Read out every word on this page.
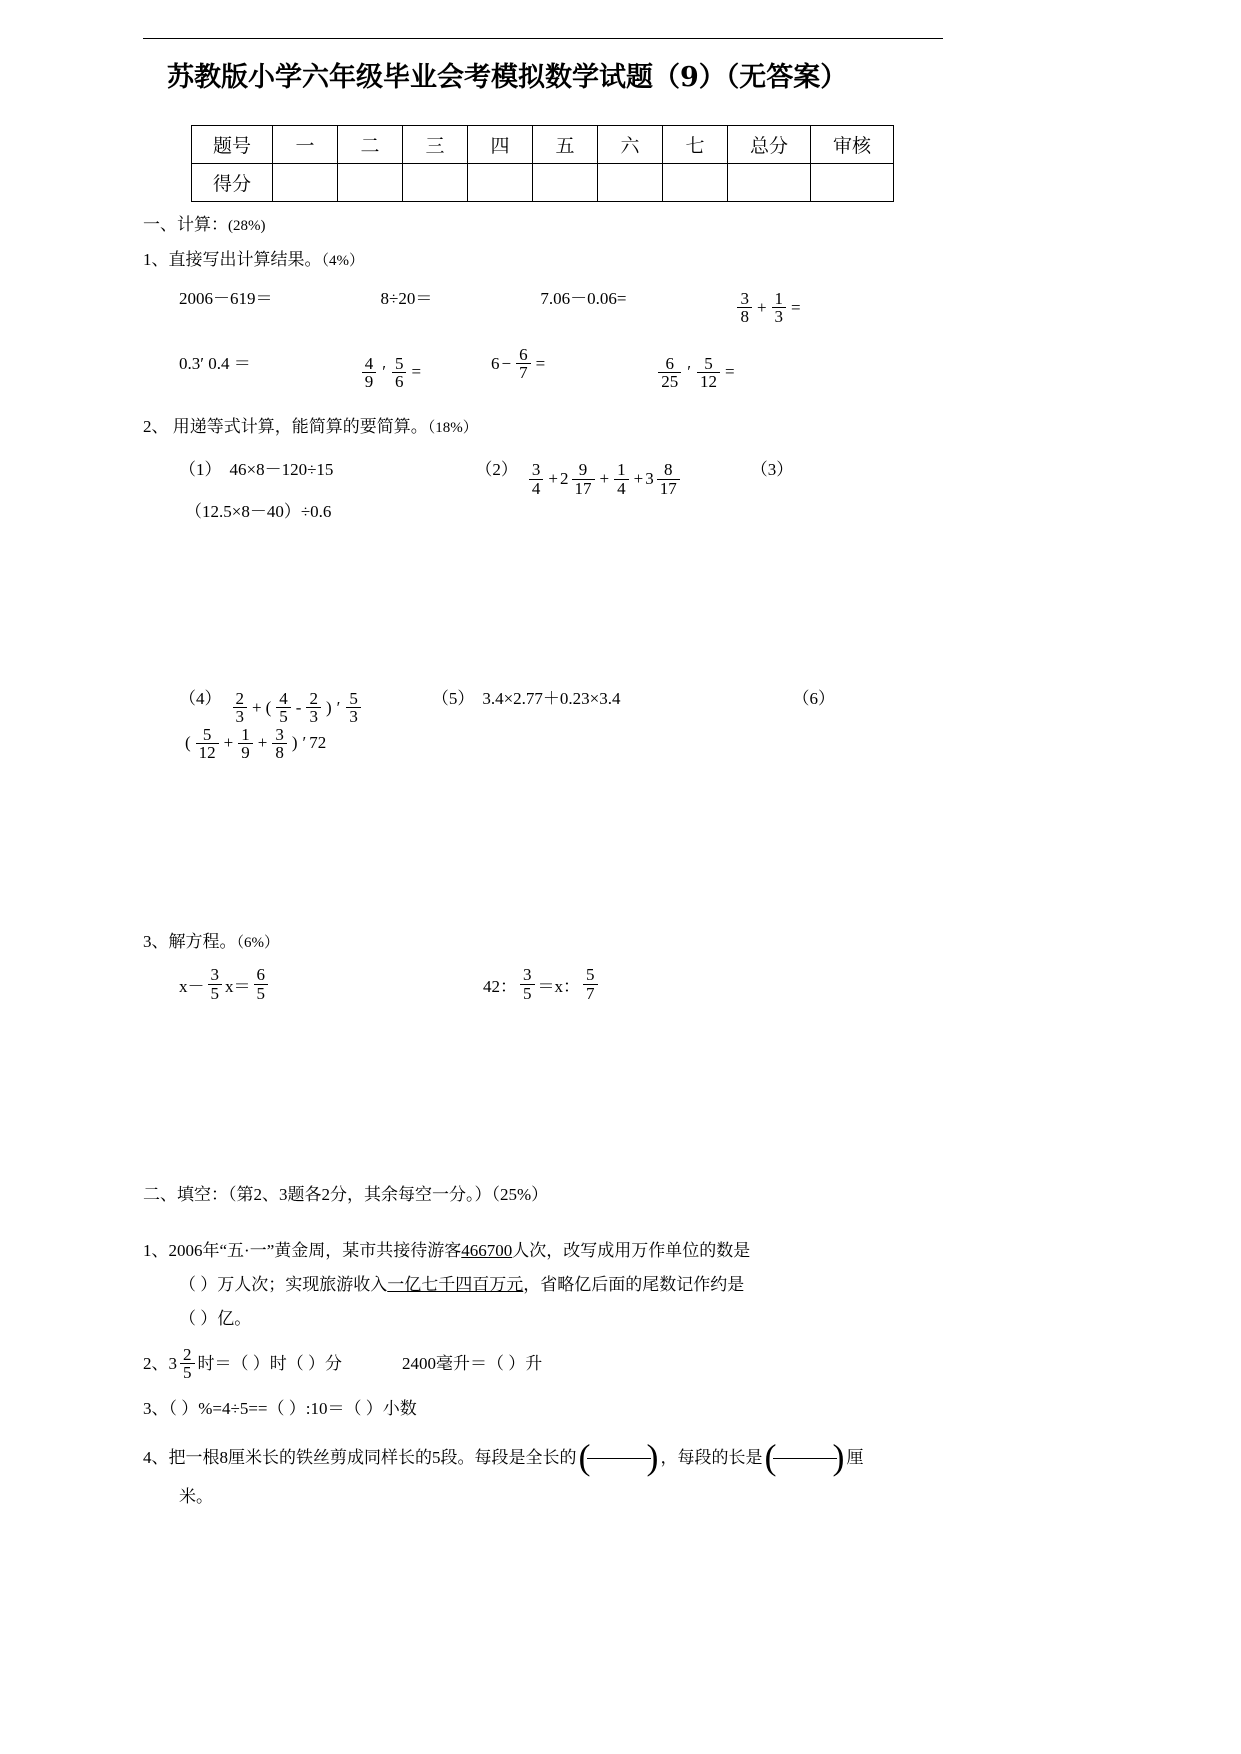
苏教版小学六年级毕业会考模拟数学试题（9）（无答案）
题号	一	二	三	四	五	六	七	总分	审核
得分									
一、计算：(28%)
1、直接写出计算结果。（4%）
2006－619＝	8÷20＝	7.06－0.06=	$\frac{3}{8} + \frac{1}{3}$ =
0.3′ 0.4 ＝	$\frac{4}{9}$ ′ $\frac{5}{6}$ =
	$6 - \frac{6}{7}$ =
	$\frac{6}{25}$ ′ $\frac{5}{12}$ =
2、 用递等式计算，能简算的要简算。（18%）
（1） 46×8－120÷15	$(2) \frac{3}{4} + 2 \frac{9}{17} + \frac{1}{4} + 3 \frac{8}{17}$	（3） （12.5×8－40）÷0.6
$(4) \frac{2}{3}$ + ( $\frac{4}{5} - \frac{2}{3}$ ) ′ $\frac{5}{3}$	（5） 3.4×2.77＋0.23×3.4	（6）
( $\frac{5}{12} + \frac{1}{9} + \frac{3}{8}$ ) ′ 72
3、解方程。（6%）
$x- \frac{3}{5} x= \frac{6}{5}$
	42： $\frac{3}{5} =x$： $\frac{5}{7}$
二、填空：（第2、3题各2分，其余每空一分。）（25%）
1、2006年“五·一”黄金周，某市共接待游客466700人次，改写成用万作单位的数是
（ ）万人次；实现旅游收入一亿七千四百万元，省略亿后面的尾数记作约是
（ ）亿。
2、 $3 \frac{2}{5}$ 时＝（ ）时（ ）分	2400毫升＝（ ）升
3、（ ）%=4÷5==（ ）:10＝（ ）小数
4、把一根8厘米长的铁丝剪成同样长的5段。每段是全长的 ( ) ，每段的长是 ( ) 厘
米。
